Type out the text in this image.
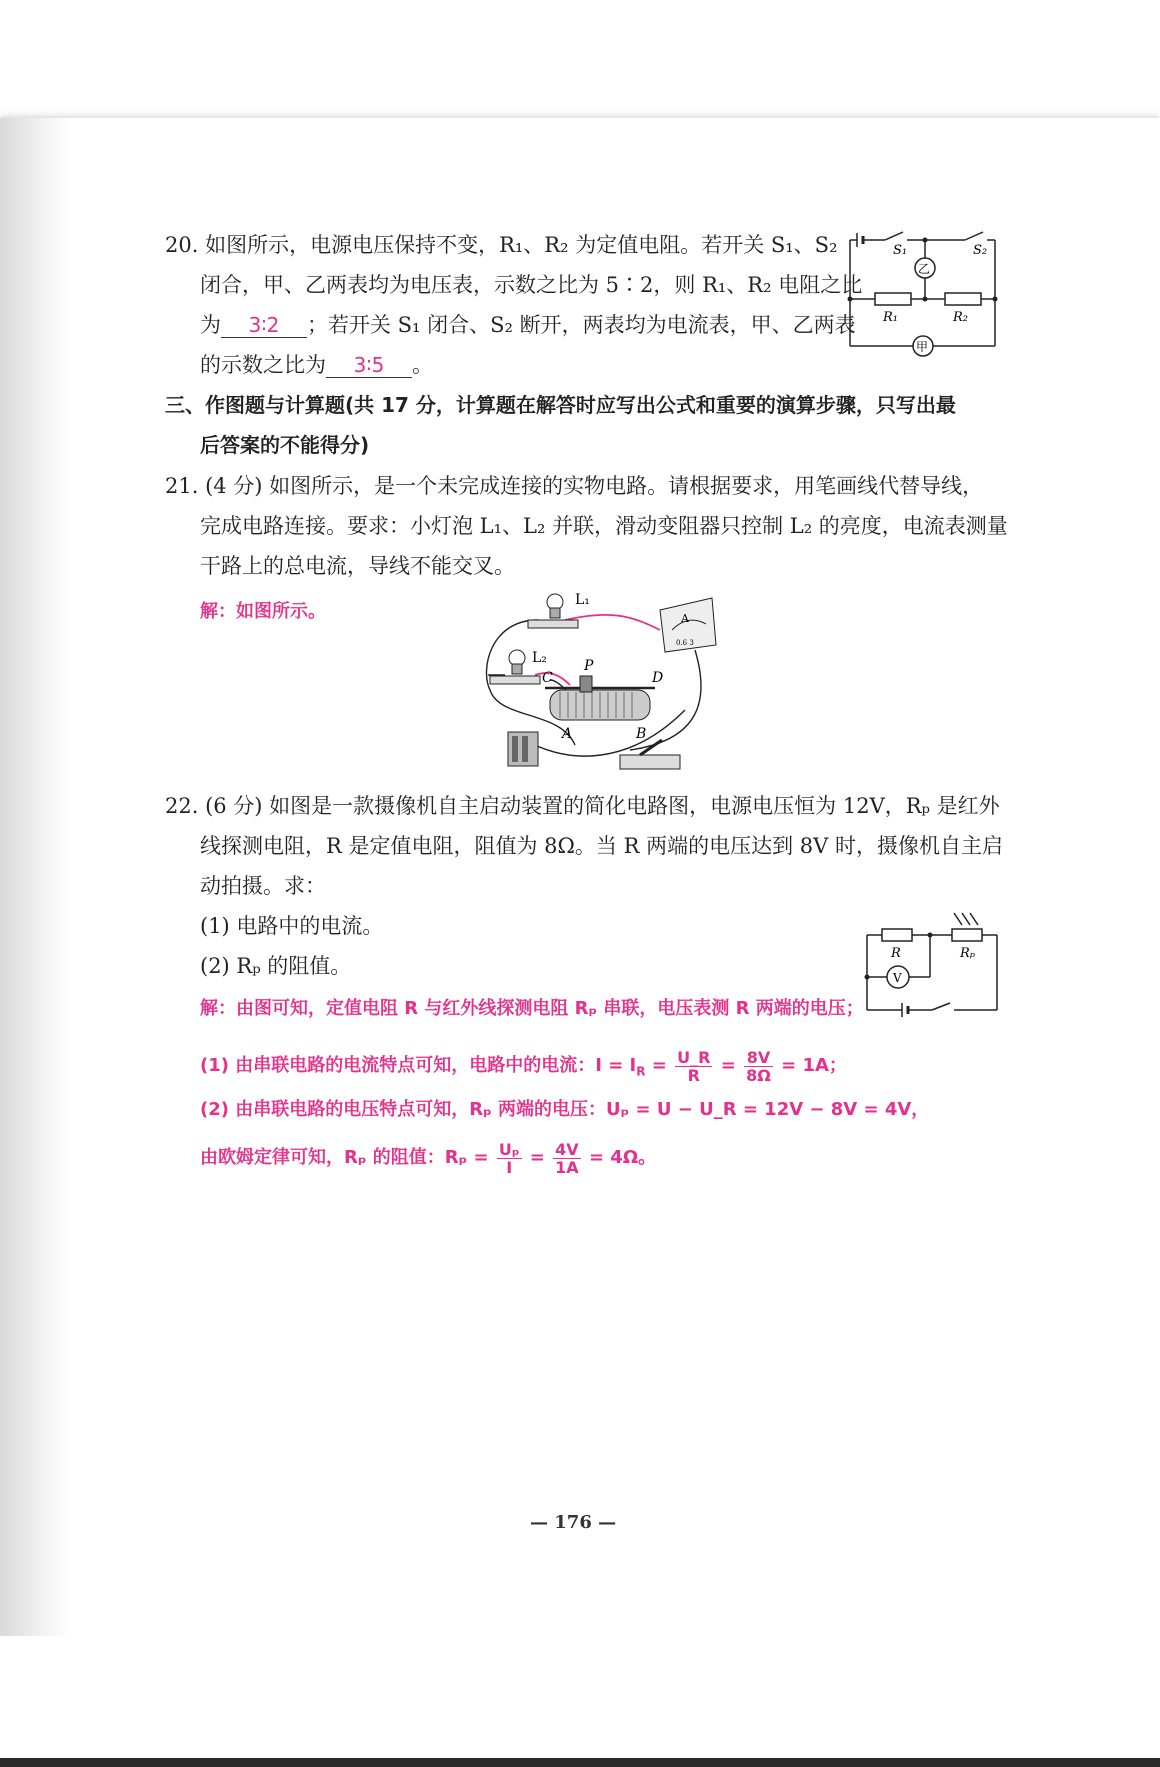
20. 如图所示，电源电压保持不变，R₁、R₂ 为定值电阻。若开关 S₁、S₂
闭合，甲、乙两表均为电压表，示数之比为 5∶2，则 R₁、R₂ 电阻之比
为 3∶2 ；若开关 S₁ 闭合、S₂ 断开，两表均为电流表，甲、乙两表
的示数之比为 3∶5 。
S₁	S₂
乙
R₁	R₂
甲
三、作图题与计算题(共 17 分，计算题在解答时应写出公式和重要的演算步骤，只写出最
后答案的不能得分)
21. (4 分) 如图所示，是一个未完成连接的实物电路。请根据要求，用笔画线代替导线，
完成电路连接。要求：小灯泡 L₁、L₂ 并联，滑动变阻器只控制 L₂ 的亮度，电流表测量
干路上的总电流，导线不能交叉。
解：如图所示。
L₁
L₂
A
0.6 3
C
P
D
A	B
22. (6 分) 如图是一款摄像机自主启动装置的简化电路图，电源电压恒为 12V，Rₚ 是红外
线探测电阻，R 是定值电阻，阻值为 8Ω。当 R 两端的电压达到 8V 时，摄像机自主启
动拍摄。求：
(1) 电路中的电流。
(2) Rₚ 的阻值。
R	Rₚ
V
解：由图可知，定值电阻 R 与红外线探测电阻 Rₚ 串联，电压表测 R 两端的电压；
(1) 由串联电路的电流特点可知，电路中的电流：$I = I_R = \frac{U\_R}{R} = \frac{8V}{8\Omega} = 1A$；
(2) 由串联电路的电压特点可知，Rₚ 两端的电压：Uₚ = U − U_R = 12V − 8V = 4V，
由欧姆定律可知，Rₚ 的阻值：$R_p = \frac{\text{Uₚ}}{I} = \frac{4V}{1A} = 4\Omega$。
— 176 —
